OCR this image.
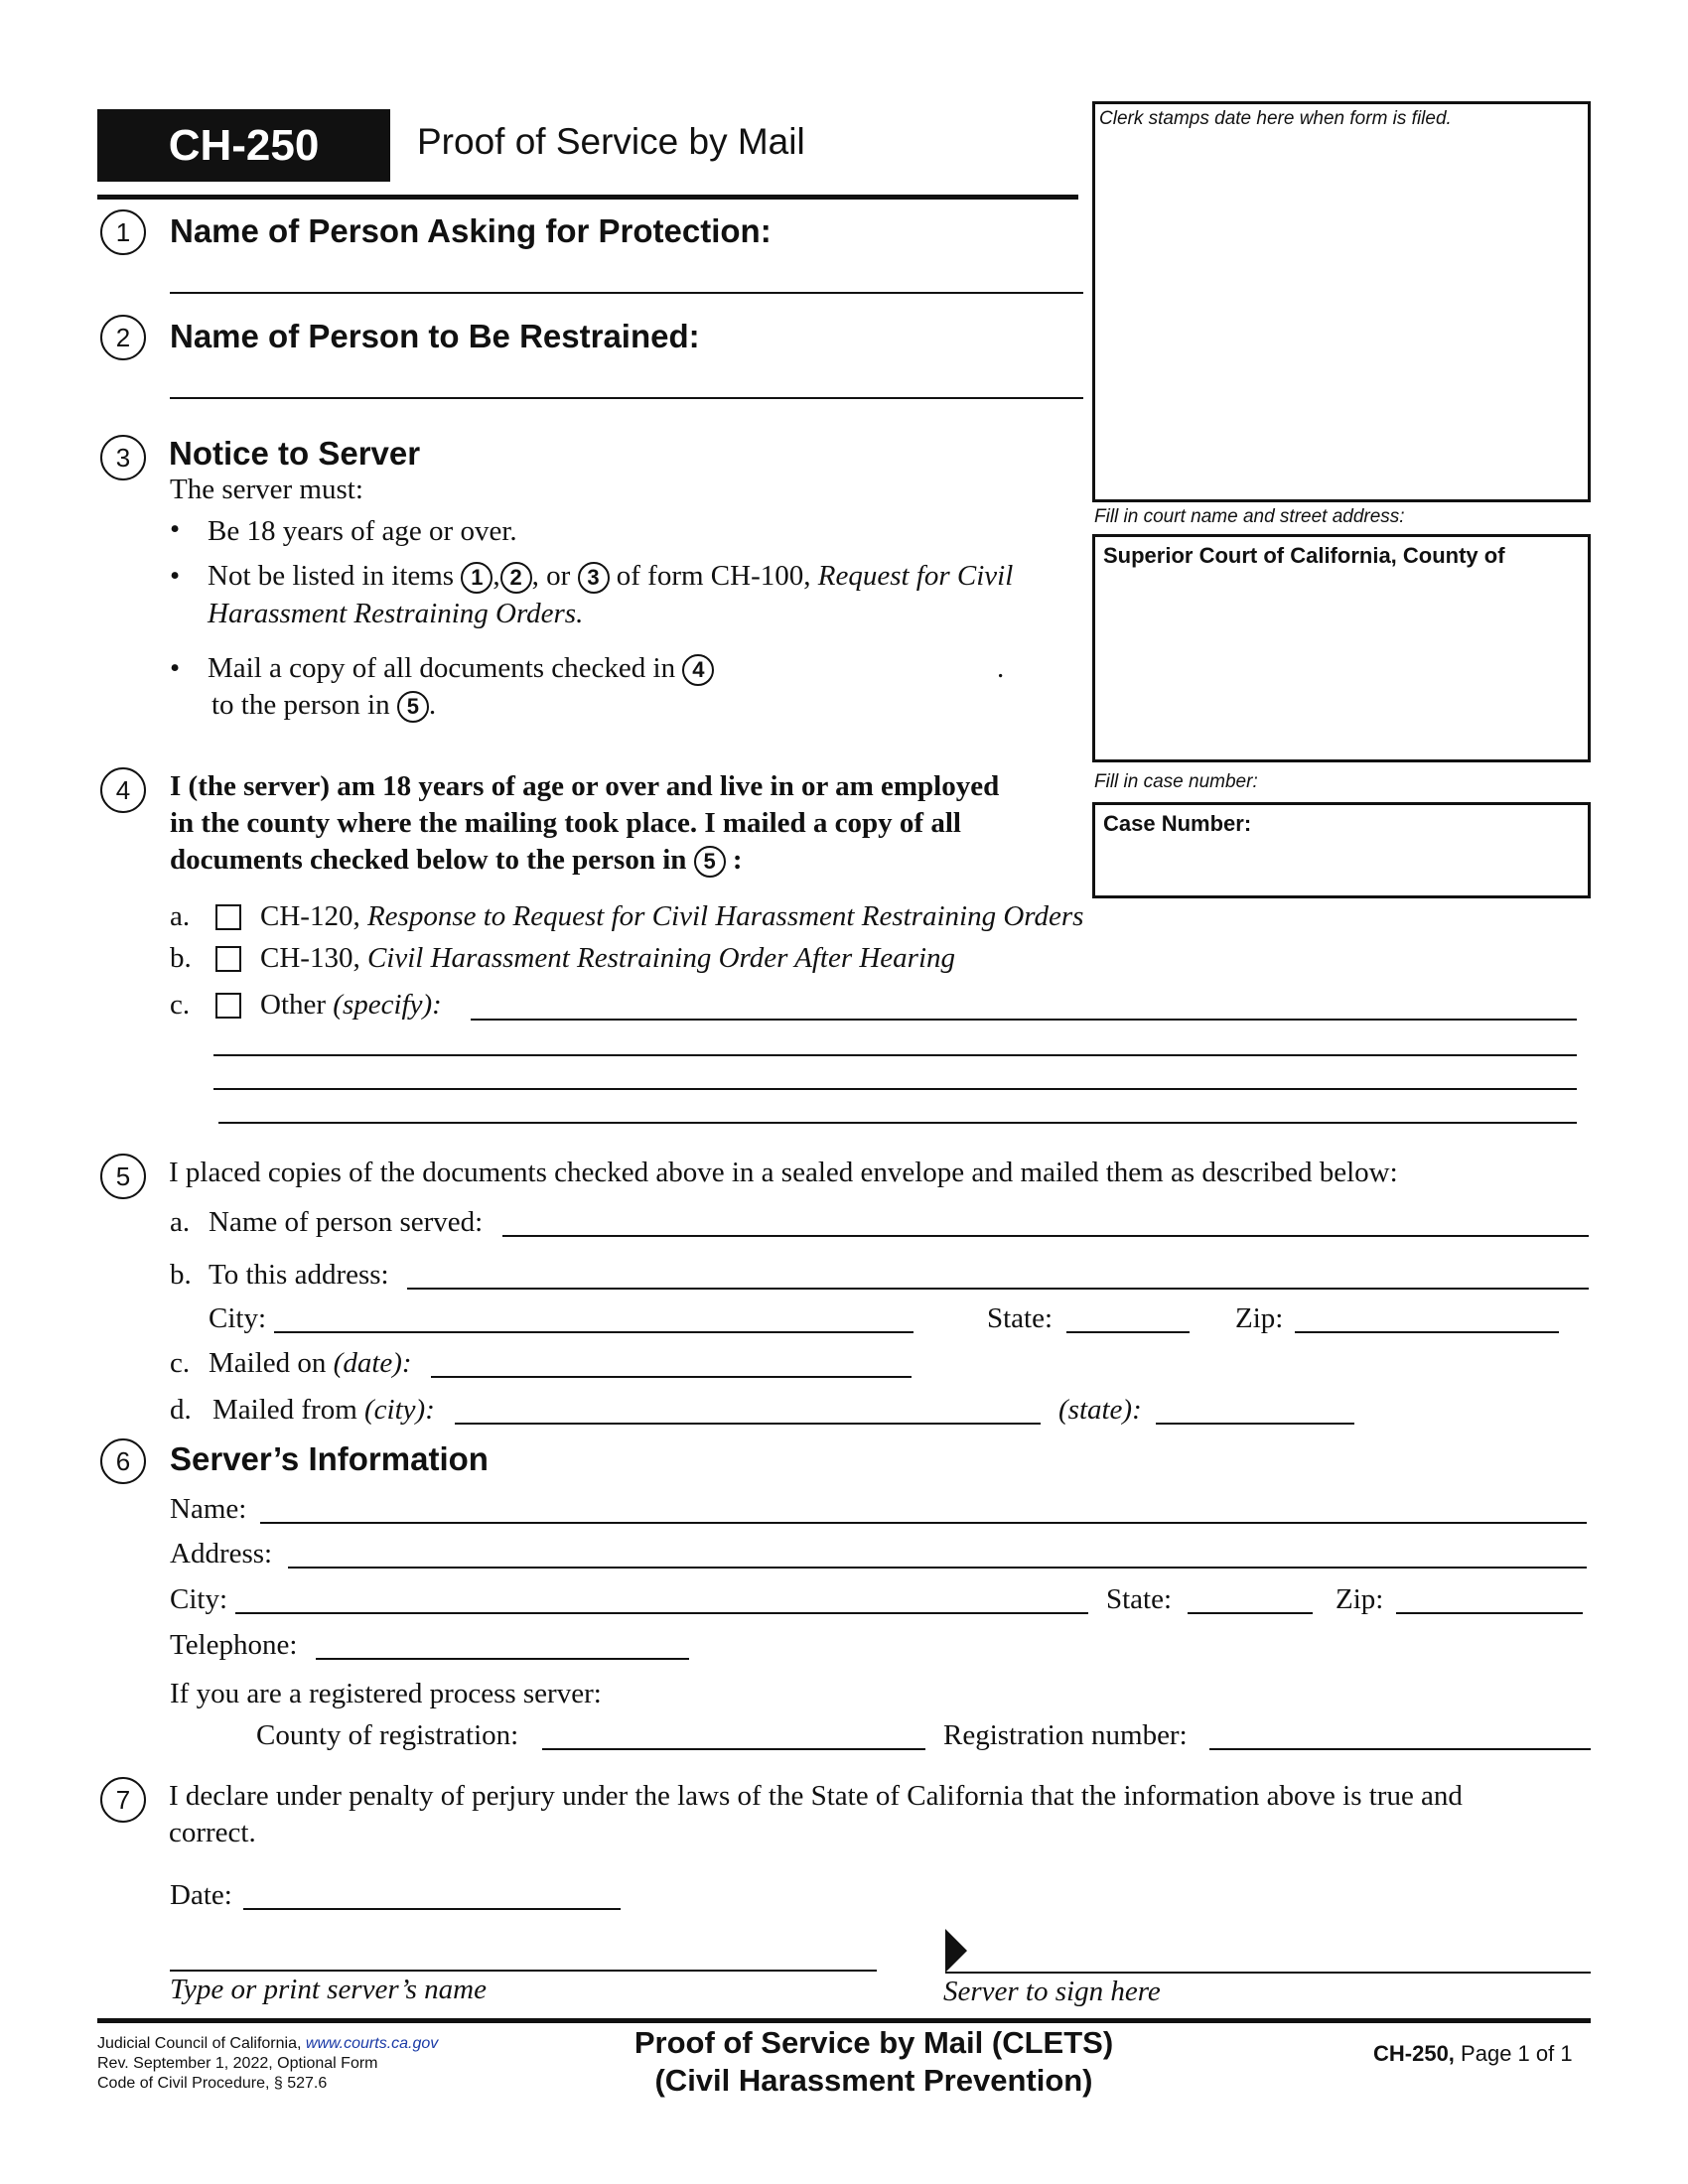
CH-250	Proof of Service by Mail
Clerk stamps date here when form is filed.
Fill in court name and street address:
Superior Court of California, County of
Fill in case number:
Case Number:
1	Name of Person Asking for Protection:
2	Name of Person to Be Restrained:
3	Notice to Server
The server must:
• Be 18 years of age or over.
• Not be listed in items 1 , 2 , or 3 of form CH-100, Request for Civil
Harassment Restraining Orders.
• Mail a copy of all documents checked in 4	.
to the person in 5 .
4	I (the server) am 18 years of age or over and live in or am employed
in the county where the mailing took place. I mailed a copy of all
documents checked below to the person in 5 :
a. CH-120, Response to Request for Civil Harassment Restraining Orders
b. CH-130, Civil Harassment Restraining Order After Hearing
c. Other (specify):
5	I placed copies of the documents checked above in a sealed envelope and mailed them as described below:
a. Name of person served:
b. To this address:
City:	State:	Zip:
c. Mailed on (date):
d. Mailed from (city):	(state):
6	Server’s Information
Name:
Address:
City:	State:	Zip:
Telephone:
If you are a registered process server:
County of registration:	Registration number:
7	I declare under penalty of perjury under the laws of the State of California that the information above is true and
correct.
Date:
Type or print server’s name	Server to sign here
Judicial Council of California, www.courts.ca.gov
Rev. September 1, 2022, Optional Form
Code of Civil Procedure, § 527.6
Proof of Service by Mail (CLETS)
(Civil Harassment Prevention)
CH-250, Page 1 of 1
